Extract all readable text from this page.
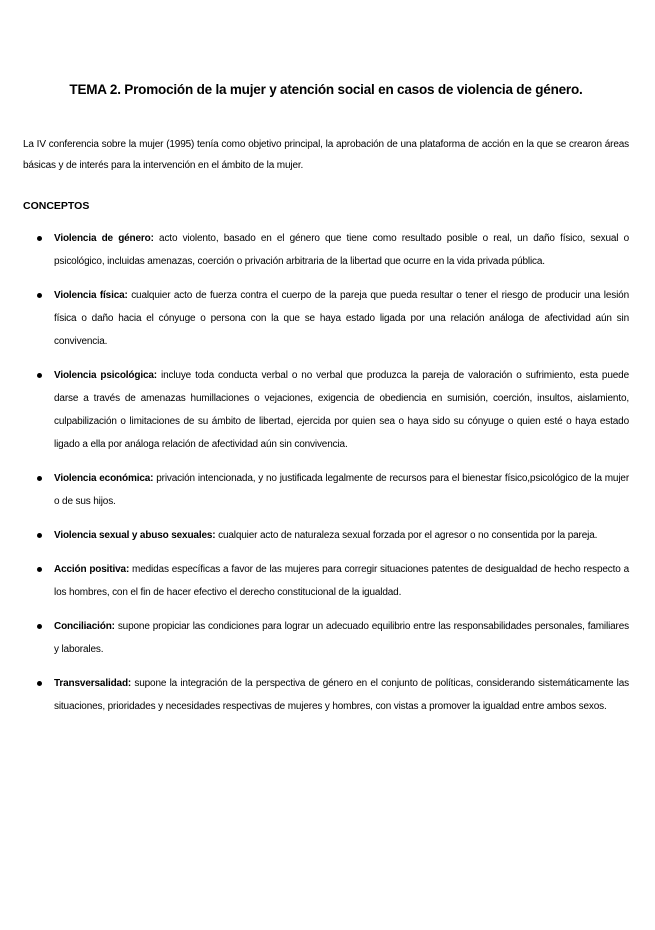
TEMA 2. Promoción de la mujer y atención social en casos de violencia de género.

La IV conferencia sobre la mujer (1995) tenía como objetivo principal, la aprobación de una plataforma de acción en la que se crearon áreas básicas y de interés para la intervención en el ámbito de la mujer.

CONCEPTOS
Violencia de género: acto violento, basado en el género que tiene como resultado posible o real, un daño físico, sexual o psicológico, incluidas amenazas, coerción o privación arbitraria de la libertad que ocurre en la vida privada pública.
Violencia física: cualquier acto de fuerza contra el cuerpo de la pareja que pueda resultar o tener el riesgo de producir una lesión física o daño hacia el cónyuge o persona con la que se haya estado ligada por una relación análoga de afectividad aún sin convivencia.
Violencia psicológica: incluye toda conducta verbal o no verbal que produzca la pareja de valoración o sufrimiento, esta puede darse a través de amenazas humillaciones o vejaciones, exigencia de obediencia en sumisión, coerción, insultos, aislamiento, culpabilización o limitaciones de su ámbito de libertad, ejercida por quien sea o haya sido su cónyuge o quien esté o haya estado ligado a ella por análoga relación de afectividad aún sin convivencia.
Violencia económica: privación intencionada, y no justificada legalmente de recursos para el bienestar físico,psicológico de la mujer o de sus hijos.
Violencia sexual y abuso sexuales: cualquier acto de naturaleza sexual forzada por el agresor o no consentida por la pareja.
Acción positiva: medidas específicas a favor de las mujeres para corregir situaciones patentes de desigualdad de hecho respecto a los hombres, con el fin de hacer efectivo el derecho constitucional de la igualdad.
Conciliación: supone propiciar las condiciones para lograr un adecuado equilibrio entre las responsabilidades personales, familiares y laborales.
Transversalidad: supone la integración de la perspectiva de género en el conjunto de políticas, considerando sistemáticamente las situaciones, prioridades y necesidades respectivas de mujeres y hombres, con vistas a promover la igualdad entre ambos sexos.
